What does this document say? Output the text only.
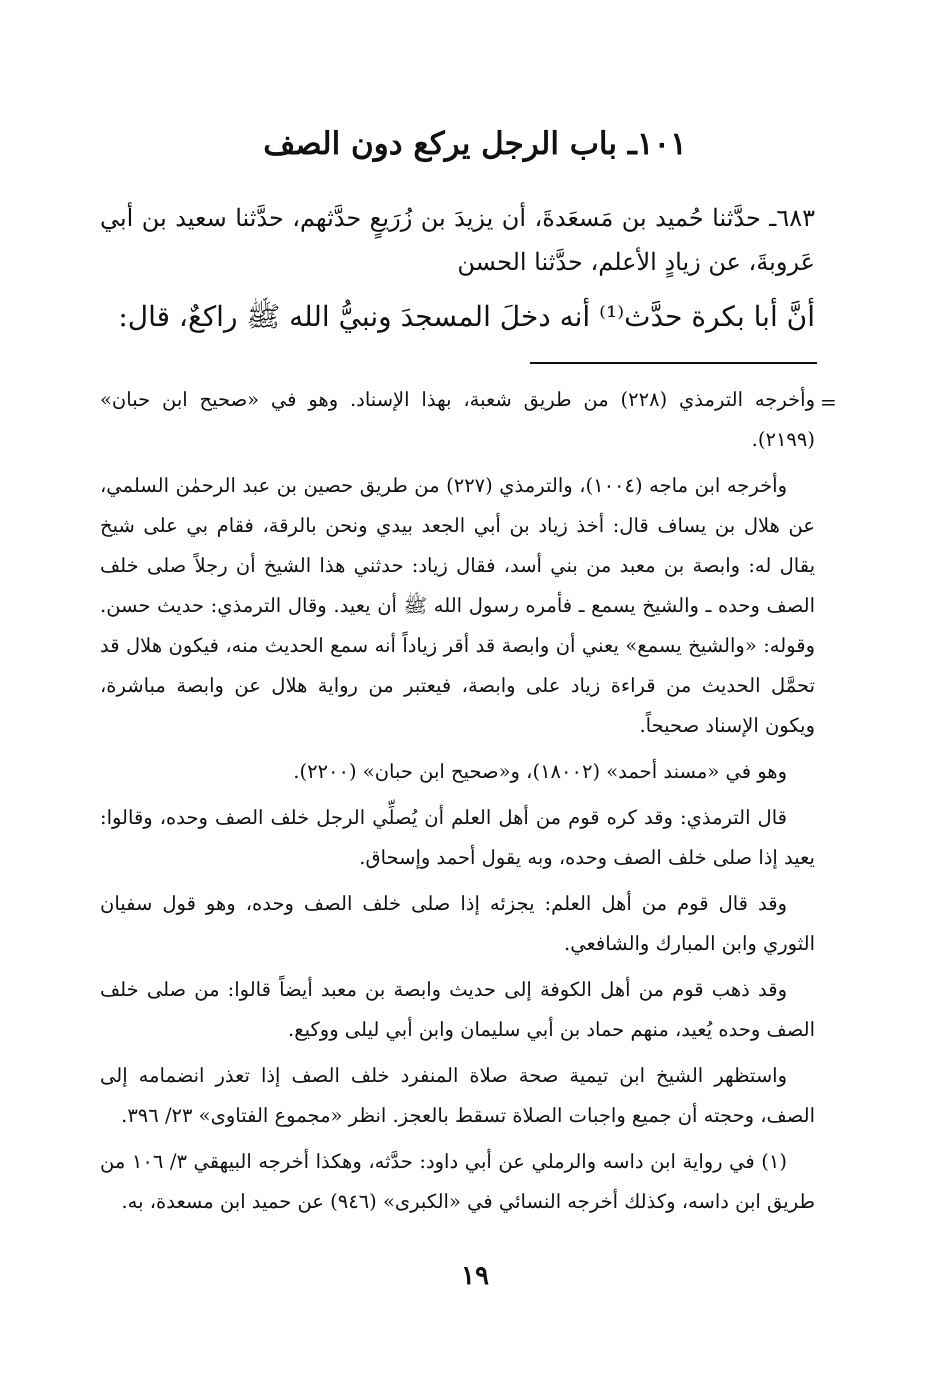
١٠١ـ باب الرجل يركع دون الصف

٦٨٣ـ حدَّثنا حُميد بن مَسعَدةَ، أن يزيدَ بن زُرَيعٍ حدَّثهم، حدَّثنا سعيد بن أبي عَروبةَ، عن زيادٍ الأعلم، حدَّثنا الحسن

أنَّ أبا بكرة حدَّث⁽¹⁾ أنه دخلَ المسجدَ ونبيُّ الله ﷺ راكعٌ، قال:

=

وأخرجه الترمذي (٢٢٨) من طريق شعبة، بهذا الإسناد. وهو في «صحيح ابن حبان» (٢١٩٩).

وأخرجه ابن ماجه (١٠٠٤)، والترمذي (٢٢٧) من طريق حصين بن عبد الرحمٰن السلمي، عن هلال بن يساف قال: أخذ زياد بن أبي الجعد بيدي ونحن بالرقة، فقام بي على شيخ يقال له: وابصة بن معبد من بني أسد، فقال زياد: حدثني هذا الشيخ أن رجلاً صلى خلف الصف وحده ـ والشيخ يسمع ـ فأمره رسول الله ﷺ أن يعيد. وقال الترمذي: حديث حسن. وقوله: «والشيخ يسمع» يعني أن وابصة قد أقر زياداً أنه سمع الحديث منه، فيكون هلال قد تحمَّل الحديث من قراءة زياد على وابصة، فيعتبر من رواية هلال عن وابصة مباشرة، ويكون الإسناد صحيحاً.

وهو في «مسند أحمد» (١٨٠٠٢)، و«صحيح ابن حبان» (٢٢٠٠).

قال الترمذي: وقد كره قوم من أهل العلم أن يُصلِّي الرجل خلف الصف وحده، وقالوا: يعيد إذا صلى خلف الصف وحده، وبه يقول أحمد وإسحاق.

وقد قال قوم من أهل العلم: يجزئه إذا صلى خلف الصف وحده، وهو قول سفيان الثوري وابن المبارك والشافعي.

وقد ذهب قوم من أهل الكوفة إلى حديث وابصة بن معبد أيضاً قالوا: من صلى خلف الصف وحده يُعيد، منهم حماد بن أبي سليمان وابن أبي ليلى ووكيع.

واستظهر الشيخ ابن تيمية صحة صلاة المنفرد خلف الصف إذا تعذر انضمامه إلى الصف، وحجته أن جميع واجبات الصلاة تسقط بالعجز. انظر «مجموع الفتاوى» ٢٣/ ٣٩٦.

(١) في رواية ابن داسه والرملي عن أبي داود: حدَّثه، وهكذا أخرجه البيهقي ٣/ ١٠٦ من طريق ابن داسه، وكذلك أخرجه النسائي في «الكبرى» (٩٤٦) عن حميد ابن مسعدة، به.

١٩
